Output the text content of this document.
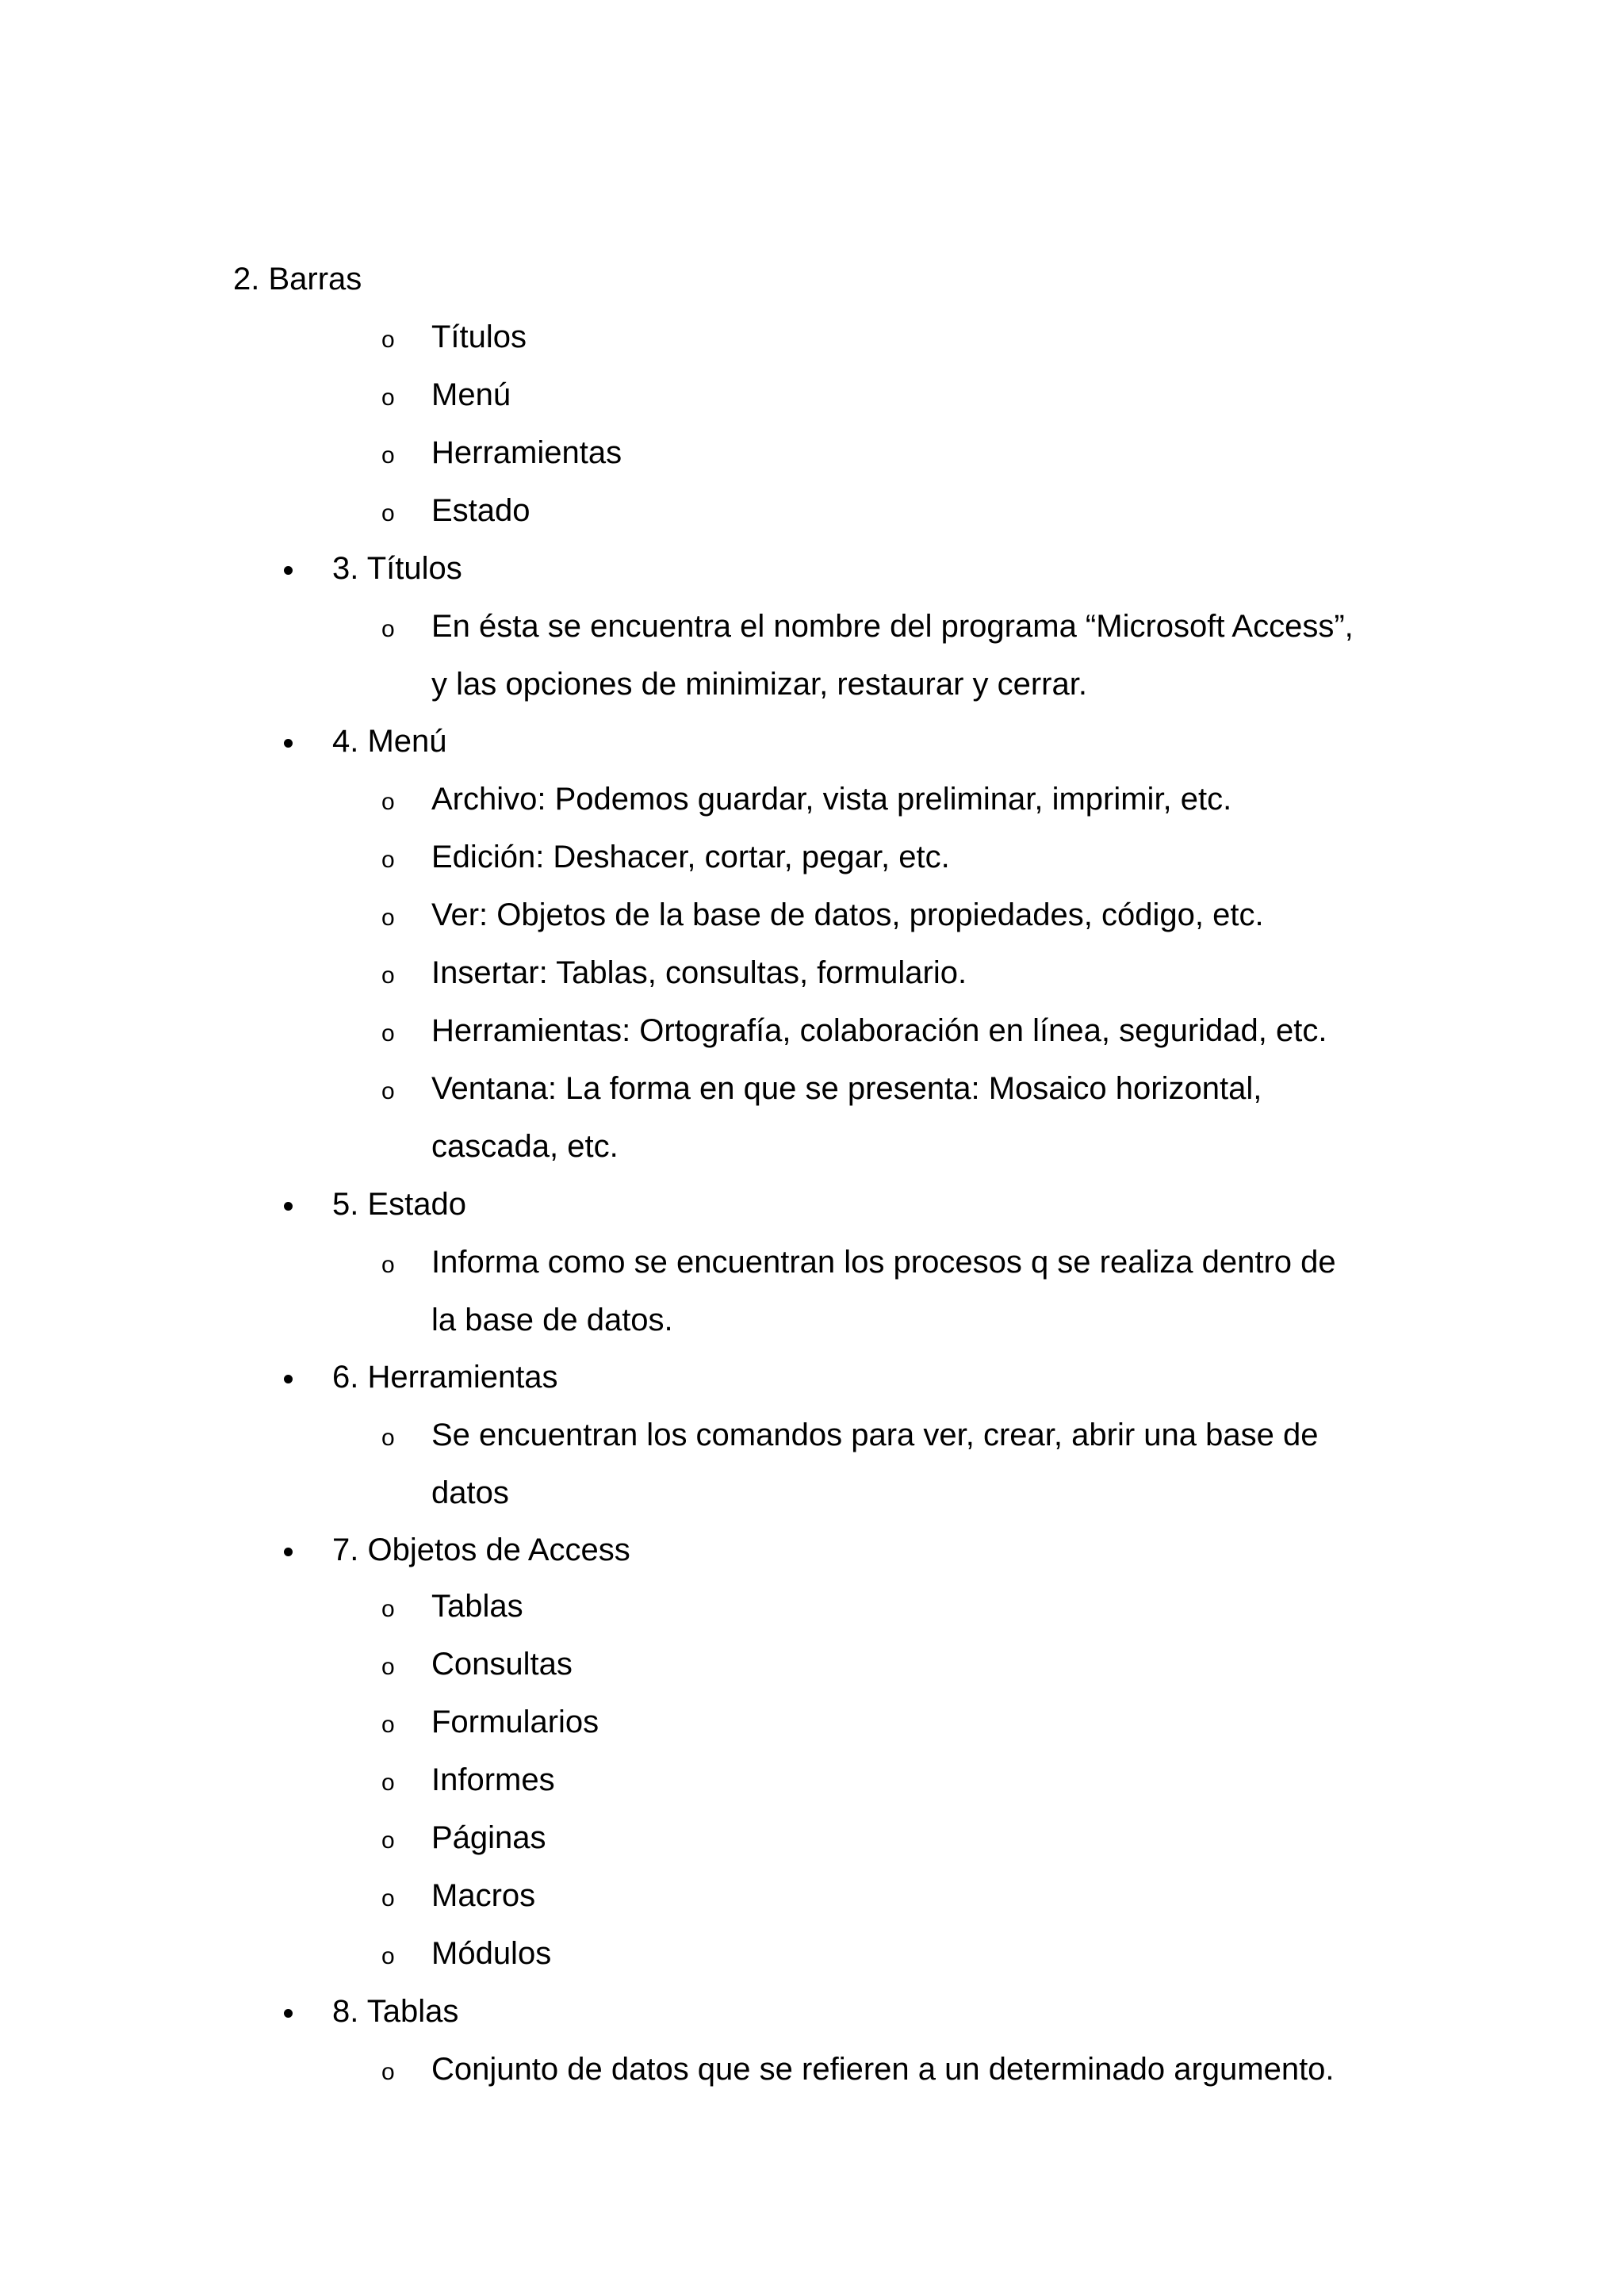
2. Barras
o Títulos
o Menú
o Herramientas
o Estado
3. Títulos
o En ésta se encuentra el nombre del programa “Microsoft Access”,
y las opciones de minimizar, restaurar y cerrar.
4. Menú
o Archivo: Podemos guardar, vista preliminar, imprimir, etc.
o Edición: Deshacer, cortar, pegar, etc.
o Ver: Objetos de la base de datos, propiedades, código, etc.
o Insertar: Tablas, consultas, formulario.
o Herramientas: Ortografía, colaboración en línea, seguridad, etc.
o Ventana: La forma en que se presenta: Mosaico horizontal,
cascada, etc.
5. Estado
o Informa como se encuentran los procesos q se realiza dentro de
la base de datos.
6. Herramientas
o Se encuentran los comandos para ver, crear, abrir una base de
datos
7. Objetos de Access
o Tablas
o Consultas
o Formularios
o Informes
o Páginas
o Macros
o Módulos
8. Tablas
o Conjunto de datos que se refieren a un determinado argumento.
